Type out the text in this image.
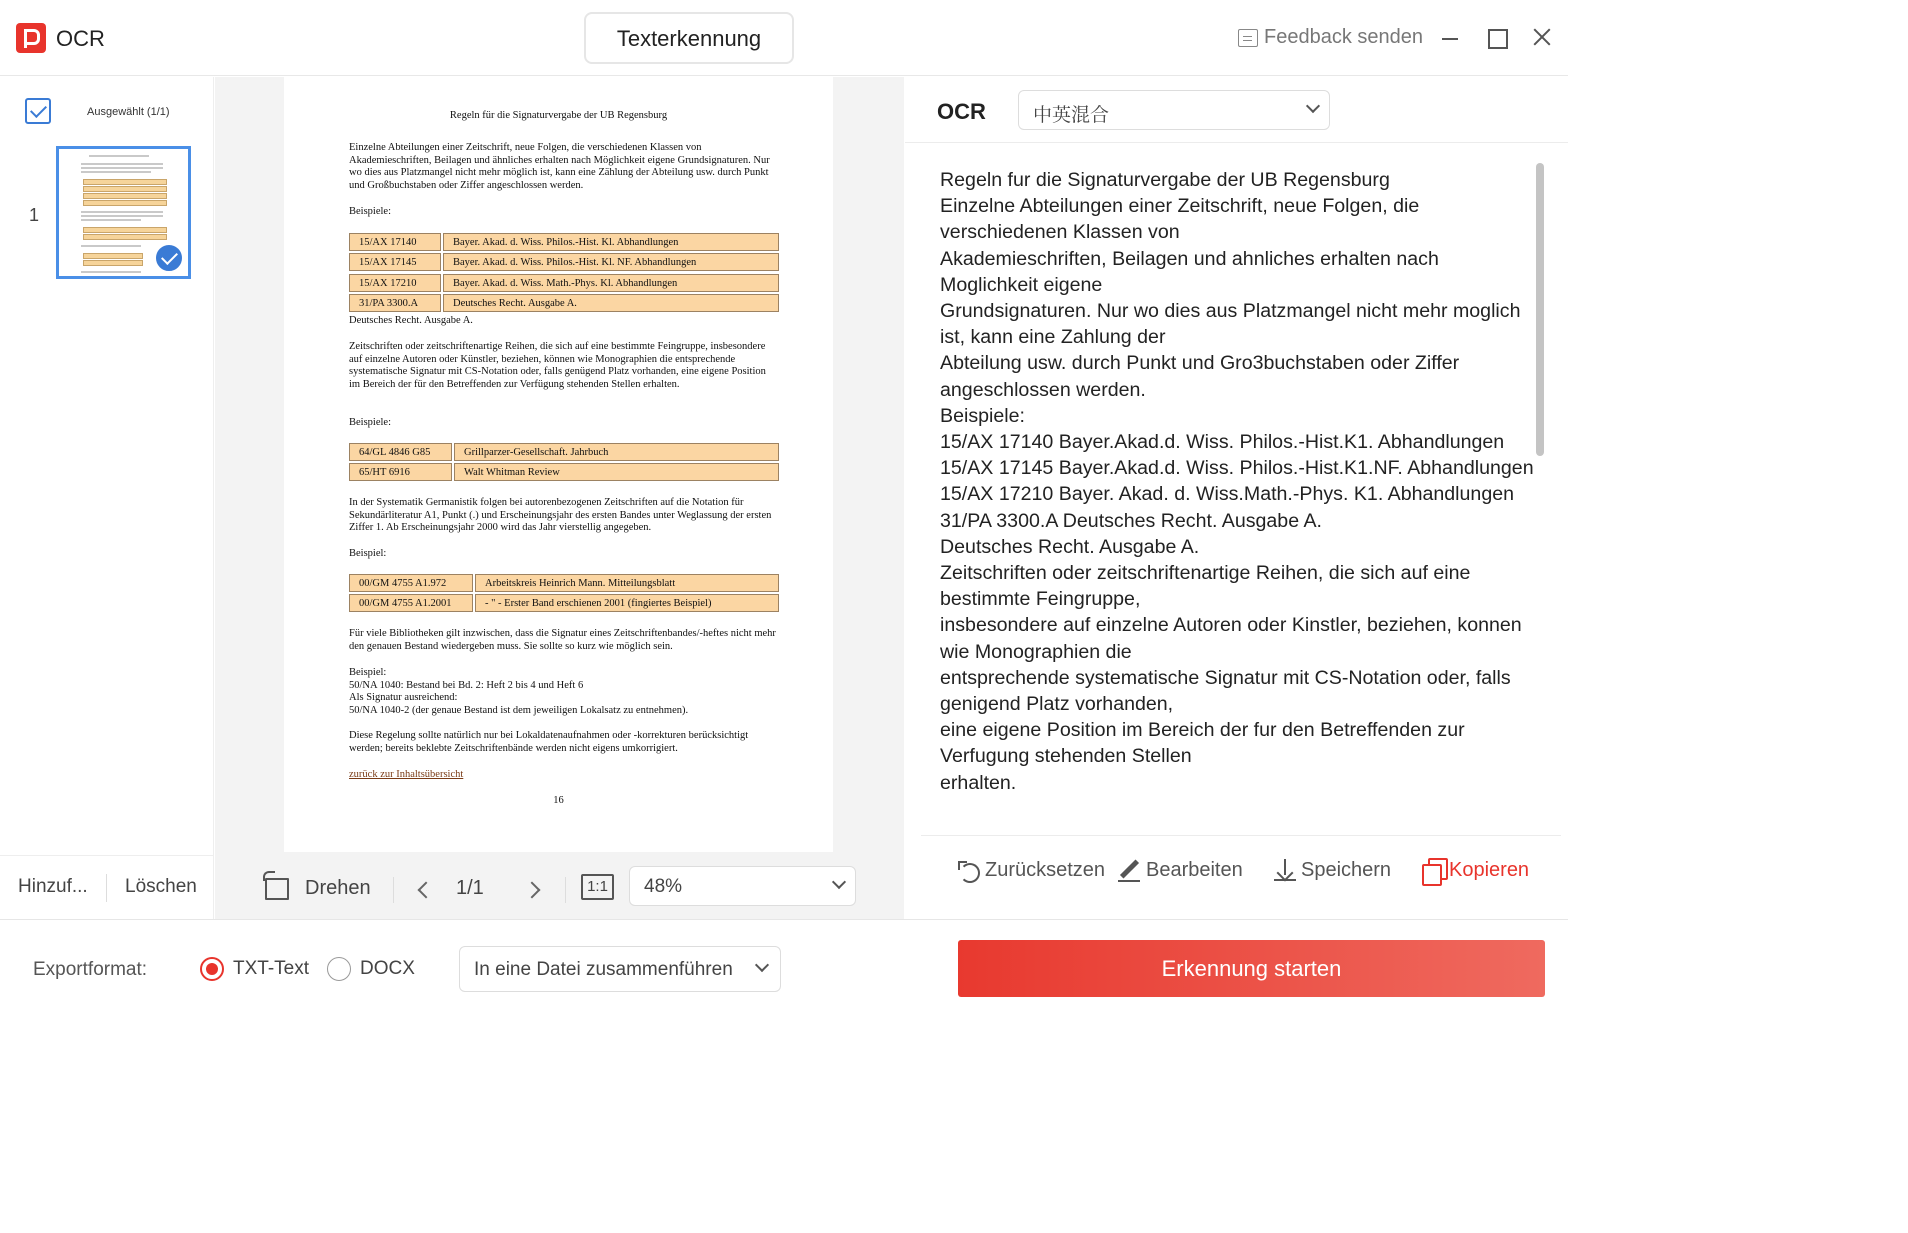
OCR	Texterkennung	Feedback senden
Ausgewählt (1/1)
1
Hinzuf... Löschen
Regeln für die Signaturvergabe der UB Regensburg
Einzelne Abteilungen einer Zeitschrift, neue Folgen, die verschiedenen Klassen von Akademieschriften, Beilagen und ähnliches erhalten nach Möglichkeit eigene Grundsignaturen. Nur wo dies aus Platzmangel nicht mehr möglich ist, kann eine Zählung der Abteilung usw. durch Punkt und Großbuchstaben oder Ziffer angeschlossen werden.
Beispiele:
15/AX 17140	Bayer. Akad. d. Wiss. Philos.-Hist. Kl. Abhandlungen
15/AX 17145	Bayer. Akad. d. Wiss. Philos.-Hist. Kl. NF. Abhandlungen
15/AX 17210	Bayer. Akad. d. Wiss. Math.-Phys. Kl. Abhandlungen
31/PA 3300.A	Deutsches Recht. Ausgabe A.
Deutsches Recht. Ausgabe A.
Zeitschriften oder zeitschriftenartige Reihen, die sich auf eine bestimmte Feingruppe, insbesondere auf einzelne Autoren oder Künstler, beziehen, können wie Monographien die entsprechende systematische Signatur mit CS-Notation oder, falls genügend Platz vorhanden, eine eigene Position im Bereich der für den Betreffenden zur Verfügung stehenden Stellen erhalten.
Beispiele:
64/GL 4846 G85	Grillparzer-Gesellschaft. Jahrbuch
65/HT 6916	Walt Whitman Review
In der Systematik Germanistik folgen bei autorenbezogenen Zeitschriften auf die Notation für Sekundärliteratur A1, Punkt (.) und Erscheinungsjahr des ersten Bandes unter Weglassung der ersten Ziffer 1. Ab Erscheinungsjahr 2000 wird das Jahr vierstellig angegeben.
Beispiel:
00/GM 4755 A1.972	Arbeitskreis Heinrich Mann. Mitteilungsblatt
00/GM 4755 A1.2001	- " - Erster Band erschienen 2001 (fingiertes Beispiel)
Für viele Bibliotheken gilt inzwischen, dass die Signatur eines Zeitschriftenbandes/-heftes nicht mehr den genauen Bestand wiedergeben muss. Sie sollte so kurz wie möglich sein.
Beispiel:
50/NA 1040: Bestand bei Bd. 2: Heft 2 bis 4 und Heft 6
Als Signatur ausreichend:
50/NA 1040-2 (der genaue Bestand ist dem jeweiligen Lokalsatz zu entnehmen).
Diese Regelung sollte natürlich nur bei Lokaldatenaufnahmen oder -korrekturen berücksichtigt werden; bereits beklebte Zeitschriftenbände werden nicht eigens umkorrigiert.
zurück zur Inhaltsübersicht
16
Drehen	1/1	1:1	48%
OCR 中英混合
Regeln fur die Signaturvergabe der UB Regensburg
Einzelne Abteilungen einer Zeitschrift, neue Folgen, die
verschiedenen Klassen von
Akademieschriften, Beilagen und ahnliches erhalten nach
Moglichkeit eigene
Grundsignaturen. Nur wo dies aus Platzmangel nicht mehr moglich
ist, kann eine Zahlung der
Abteilung usw. durch Punkt und Gro3buchstaben oder Ziffer
angeschlossen werden.
Beispiele:
15/AX 17140 Bayer.Akad.d. Wiss. Philos.-Hist.K1. Abhandlungen
15/AX 17145 Bayer.Akad.d. Wiss. Philos.-Hist.K1.NF. Abhandlungen
15/AX 17210 Bayer. Akad. d. Wiss.Math.-Phys. K1. Abhandlungen
31/PA 3300.A Deutsches Recht. Ausgabe A.
Deutsches Recht. Ausgabe A.
Zeitschriften oder zeitschriftenartige Reihen, die sich auf eine
bestimmte Feingruppe,
insbesondere auf einzelne Autoren oder Kinstler, beziehen, konnen
wie Monographien die
entsprechende systematische Signatur mit CS-Notation oder, falls
genigend Platz vorhanden,
eine eigene Position im Bereich der fur den Betreffenden zur
Verfugung stehenden Stellen
erhalten.
Zurücksetzen Bearbeiten	Speichern	Kopieren
Exportformat:	TXT-Text	DOCX	In eine Datei zusammenführen	Erkennung starten
